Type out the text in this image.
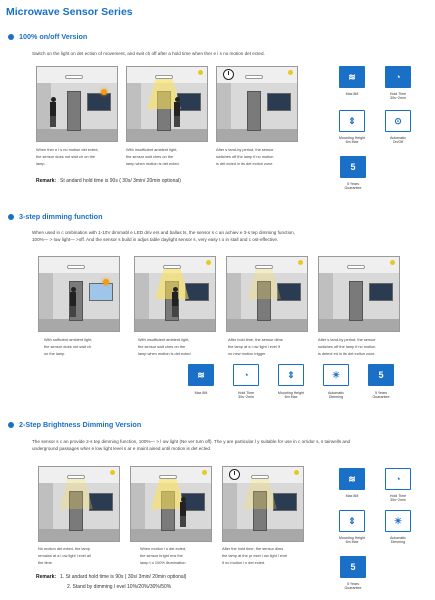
Microwave Sensor Series
100% on/off Version
Switch on the light on det ection of movement, and swit ch off after a hold time when ther e i s no motion det ected.
When ther e i s no motion det ected,
the sensor does not swit ch on the
lamp.
With insufficient ambient light,
the sensor swit ches on the
lamp when motion is det ected.
After s tand-by period, the sensor
switches off the lamp if no motion
is det ected in its det ection zone.
Remark: St andard hold time is 90s ( 30s/ 3min/ 20min optional)
≋
Max 8M
◔
Hold Time
30s~2min
⇕
Mounting Height
6m Max
⊙
Automatic
On/Off
5
5 Years
Guarantee
3-step dimming function
When used in c ombination with 1-10V dimmabl e LED driv ers and ballas ts, the sensor s c an achiev e 3-s tep dimming function,
100%— > low light— >off. And the sensor s build in adjus table daylight sensor s, very easy t o in stall and c ost-effective.
With sufficient ambient light,
the sensor does not swit ch
on the lamp.
With insufficient ambient light,
the sensor swit ches on the
lamp when motion is det ected
After hold time, the sensor dims
the lamp at a l ow light l evel if
no new motion trigger
After s tand-by period, the sensor
switches off the lamp if no motion
is detect ed in its det ection zone.
≋
Max 8M
◔
Hold Time
30s~2min
⇕
Mounting Height
6m Max
☀
Automatic
Dimming
5
5 Years
Guarantee
2-Step Brightness Dimming Version
The sensor s c an provide 2-s tep dimming function, 100%— > l ow light (Ne ver turn off). The y are particular l y suitable for use in c orridor s, s tairwells and
underground passages wher e low light level s ar e maint ained until motion is det ected.
No motion det ected, the lamp
remains at a l ow light l evel all
the time.
When motion i s det ected,
the sensor bright ens the
lamp t o 100% illumination.
After the hold time, the sensor dims
the lamp at the pr eset l ow light l evel
if no motion i s det ected.
Remark: 1. St andard hold time is 90s ( 30s/ 3min/ 20min optional)
2. Stand by dimming l evel 10%/20%/30%/50%
≋
Max 8M
◔
Hold Time
30s~2min
⇕
Mounting Height
6m Max
☀
Automatic
Dimming
5
5 Years
Guarantee
